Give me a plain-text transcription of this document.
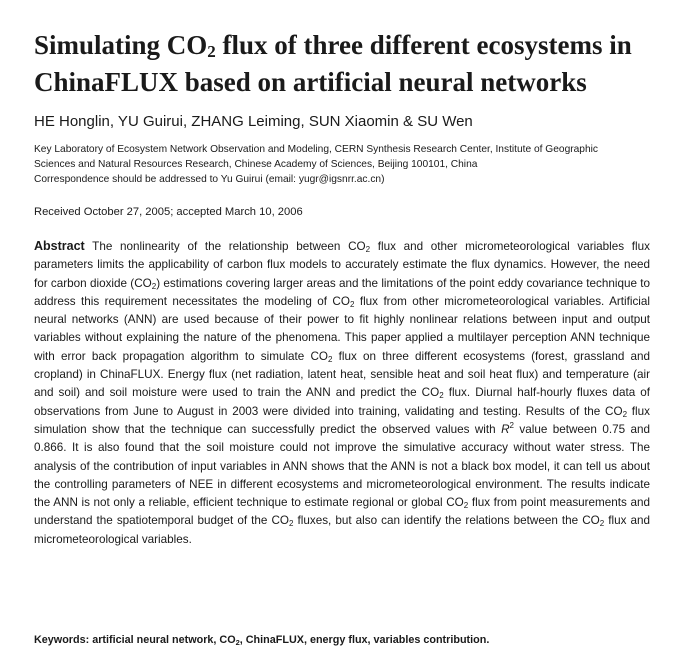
Simulating $CO_2$ flux of three different ecosystems in ChinaFLUX based on artificial neural networks
HE Honglin, YU Guirui, ZHANG Leiming, SUN Xiaomin & SU Wen
Key Laboratory of Ecosystem Network Observation and Modeling, CERN Synthesis Research Center, Institute of Geographic
Sciences and Natural Resources Research, Chinese Academy of Sciences, Beijing 100101, China
Correspondence should be addressed to Yu Guirui (email: yugr@igsnrr.ac.cn)
Received October 27, 2005; accepted March 10, 2006

Abstract The nonlinearity of the relationship between $CO_2$ flux and other micrometeorological variables flux parameters limits the applicability of carbon flux models to accurately estimate the flux dynamics. However, the need for carbon dioxide $(CO_2)$ estimations covering larger areas and the limitations of the point eddy covariance technique to address this requirement necessitates the modeling of $CO_2$ flux from other micrometeorological variables. Artificial neural networks (ANN) are used because of their power to fit highly nonlinear relations between input and output variables without explaining the nature of the phenomena. This paper applied a multilayer perception ANN technique with error back propagation algorithm to simulate $CO_2$ flux on three different ecosystems (forest, grassland and cropland) in ChinaFLUX. Energy flux (net radiation, latent heat, sensible heat and soil heat flux) and temperature (air and soil) and soil moisture were used to train the ANN and predict the $CO_2$ flux. Diurnal half-hourly fluxes data of observations from June to August in 2003 were divided into training, validating and testing. Results of the $CO_2$ flux simulation show that the technique can successfully predict the observed values with $R^2$ value between 0.75 and 0.866. It is also found that the soil moisture could not improve the simulative accuracy without water stress. The analysis of the contribution of input variables in ANN shows that the ANN is not a black box model, it can tell us about the controlling parameters of NEE in different ecosystems and micrometeorological environment. The results indicate the ANN is not only a reliable, efficient technique to estimate regional or global $CO_2$ flux from point measurements and understand the spatiotemporal budget of the $CO_2$ fluxes, but also can identify the relations between the $CO_2$ flux and micrometeorological variables.

Keywords: artificial neural network, $CO_2$, ChinaFLUX, energy flux, variables contribution.
